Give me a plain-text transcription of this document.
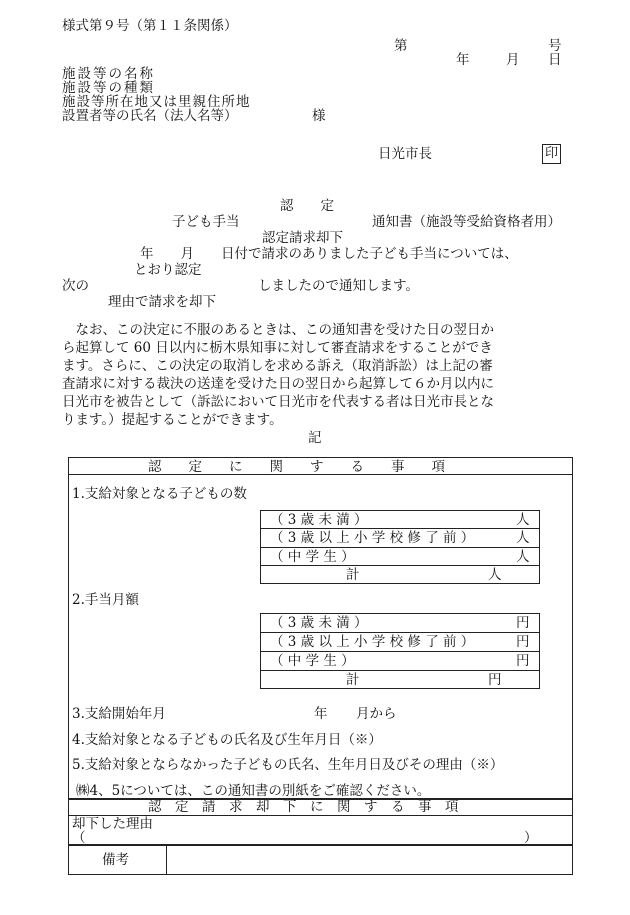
様式第９号（第１１条関係）
第	号
年	月 日
施設等の名称
施設等の種類
施設等所在地又は里親住所地
設置者等の氏名（法人名等）	様
日光市長	印
認　　定
子ども手当	通知書（施設等受給資格者用）
認定請求却下
年　　月　　日付で請求のありました子ども手当については、
とおり認定
次の	しましたので通知します。
理由で請求を却下
　なお、この決定に不服のあるときは、この通知書を受けた日の翌日か
ら起算して 60 日以内に栃木県知事に対して審査請求をすることができ
ます。さらに、この決定の取消しを求める訴え（取消訴訟）は上記の審
査請求に対する裁決の送達を受けた日の翌日から起算して６か月以内に
日光市を被告として（訴訟において日光市を代表する者は日光市長とな
ります。）提起することができます。
記
認　　定　　に　　関　　す　　る　　事　　項
1.支給対象となる子どもの数
（ 3 歳 未 満 ）	人
（ 3 歳 以 上 小 学 校 修 了 前 ）	人
（ 中 学 生 ）	人
計	人
2.手当月額
（ 3 歳 未 満 ）	円
（ 3 歳 以 上 小 学 校 修 了 前 ）	円
（ 中 学 生 ）	円
計	円
3.支給開始年月	年 月から
4.支給対象となる子どもの氏名及び生年月日（※）
5.支給対象とならなかった子どもの氏名、生年月日及びその理由（※）
㈱4、5については、この通知書の別紙をご確認ください。
認　定　請　求　却　下　に　関　す　る　事　項
却下した理由
（	）
備考
